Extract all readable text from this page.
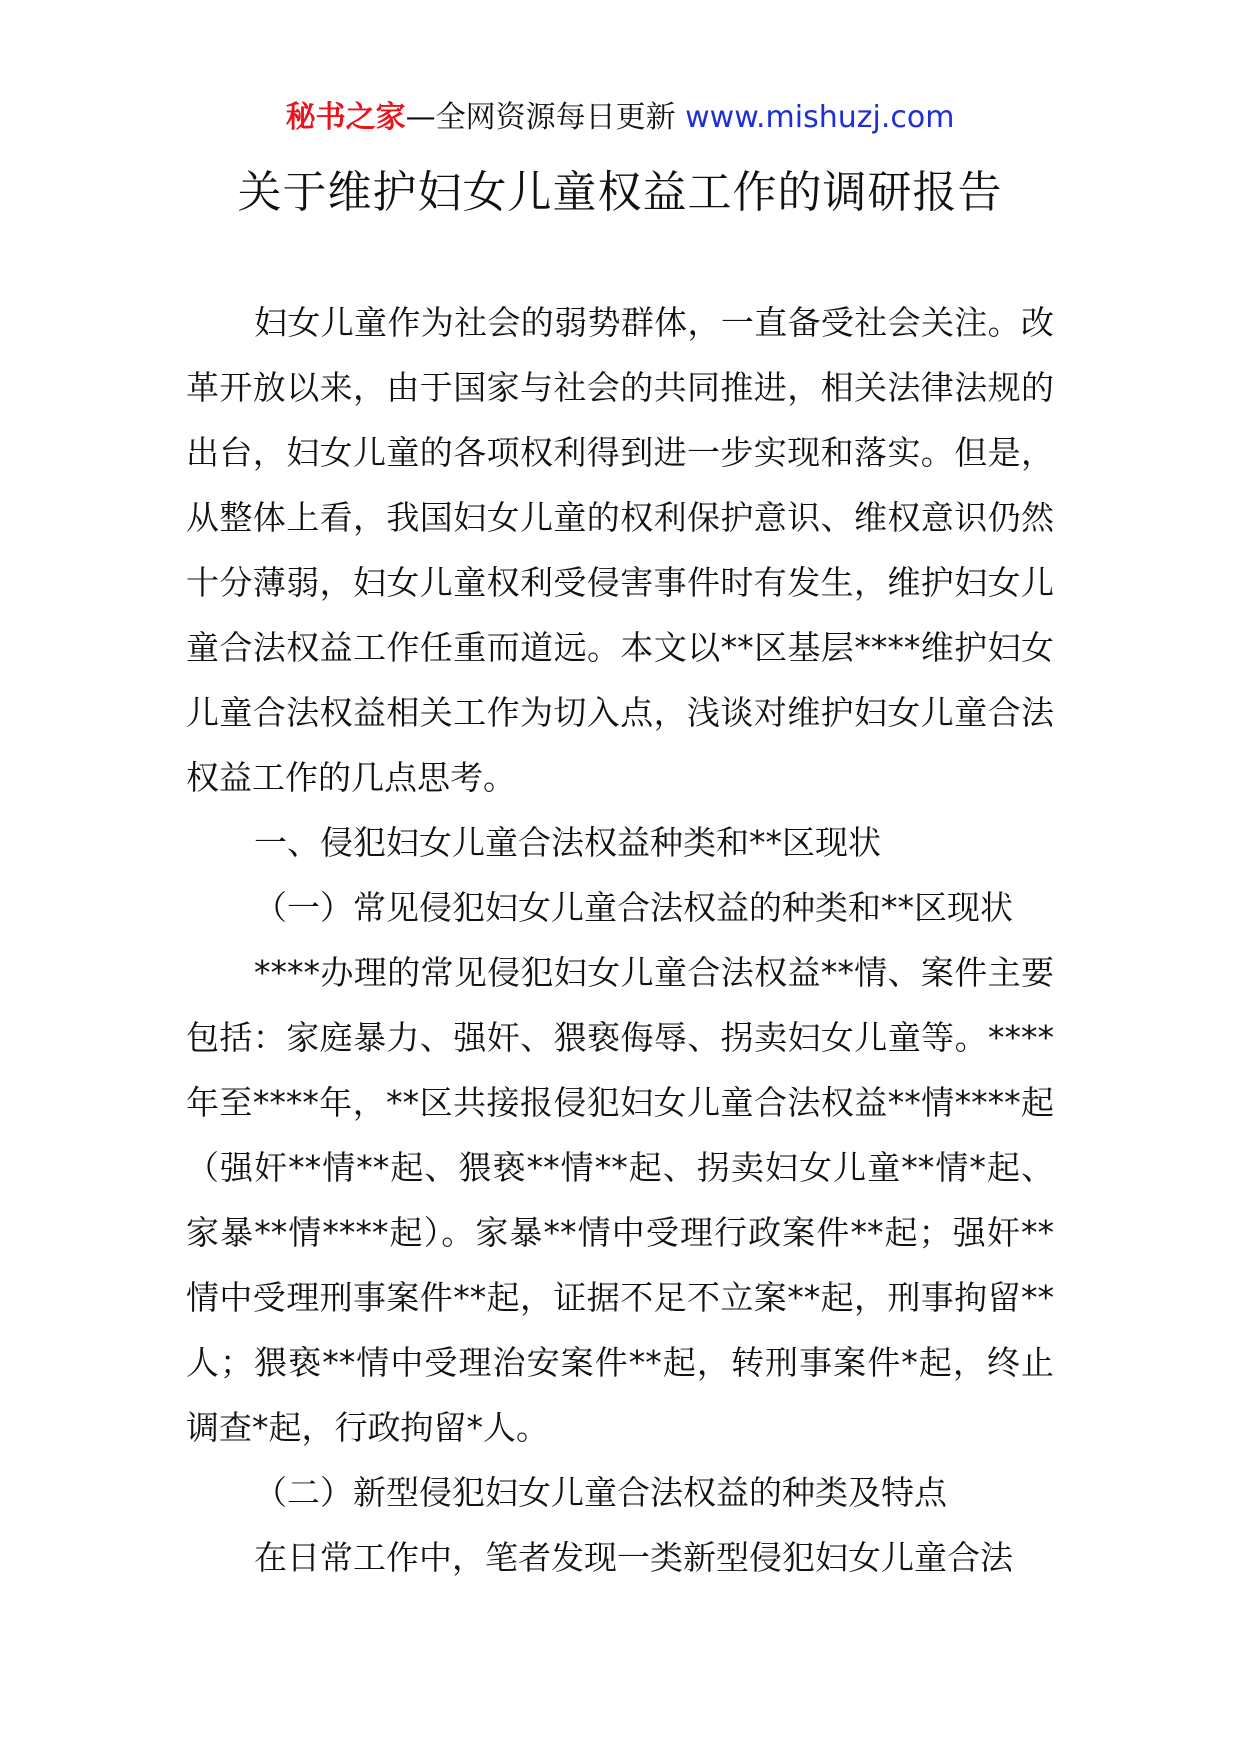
秘书之家—全网资源每日更新 www.mishuzj.com
关于维护妇女儿童权益工作的调研报告

妇女儿童作为社会的弱势群体，一直备受社会关注。改革开放以来，由于国家与社会的共同推进，相关法律法规的出台，妇女儿童的各项权利得到进一步实现和落实。但是，从整体上看，我国妇女儿童的权利保护意识、维权意识仍然十分薄弱，妇女儿童权利受侵害事件时有发生，维护妇女儿童合法权益工作任重而道远。本文以**区基层****维护妇女儿童合法权益相关工作为切入点，浅谈对维护妇女儿童合法权益工作的几点思考。

一、侵犯妇女儿童合法权益种类和**区现状

（一）常见侵犯妇女儿童合法权益的种类和**区现状

****办理的常见侵犯妇女儿童合法权益**情、案件主要包括：家庭暴力、强奸、猥亵侮辱、拐卖妇女儿童等。****年至****年，**区共接报侵犯妇女儿童合法权益**情****起（强奸**情**起、猥亵**情**起、拐卖妇女儿童**情*起、家暴**情****起）。家暴**情中受理行政案件**起；强奸**情中受理刑事案件**起，证据不足不立案**起，刑事拘留**人；猥亵**情中受理治安案件**起，转刑事案件*起，终止调查*起，行政拘留*人。

（二）新型侵犯妇女儿童合法权益的种类及特点

在日常工作中，笔者发现一类新型侵犯妇女儿童合法
